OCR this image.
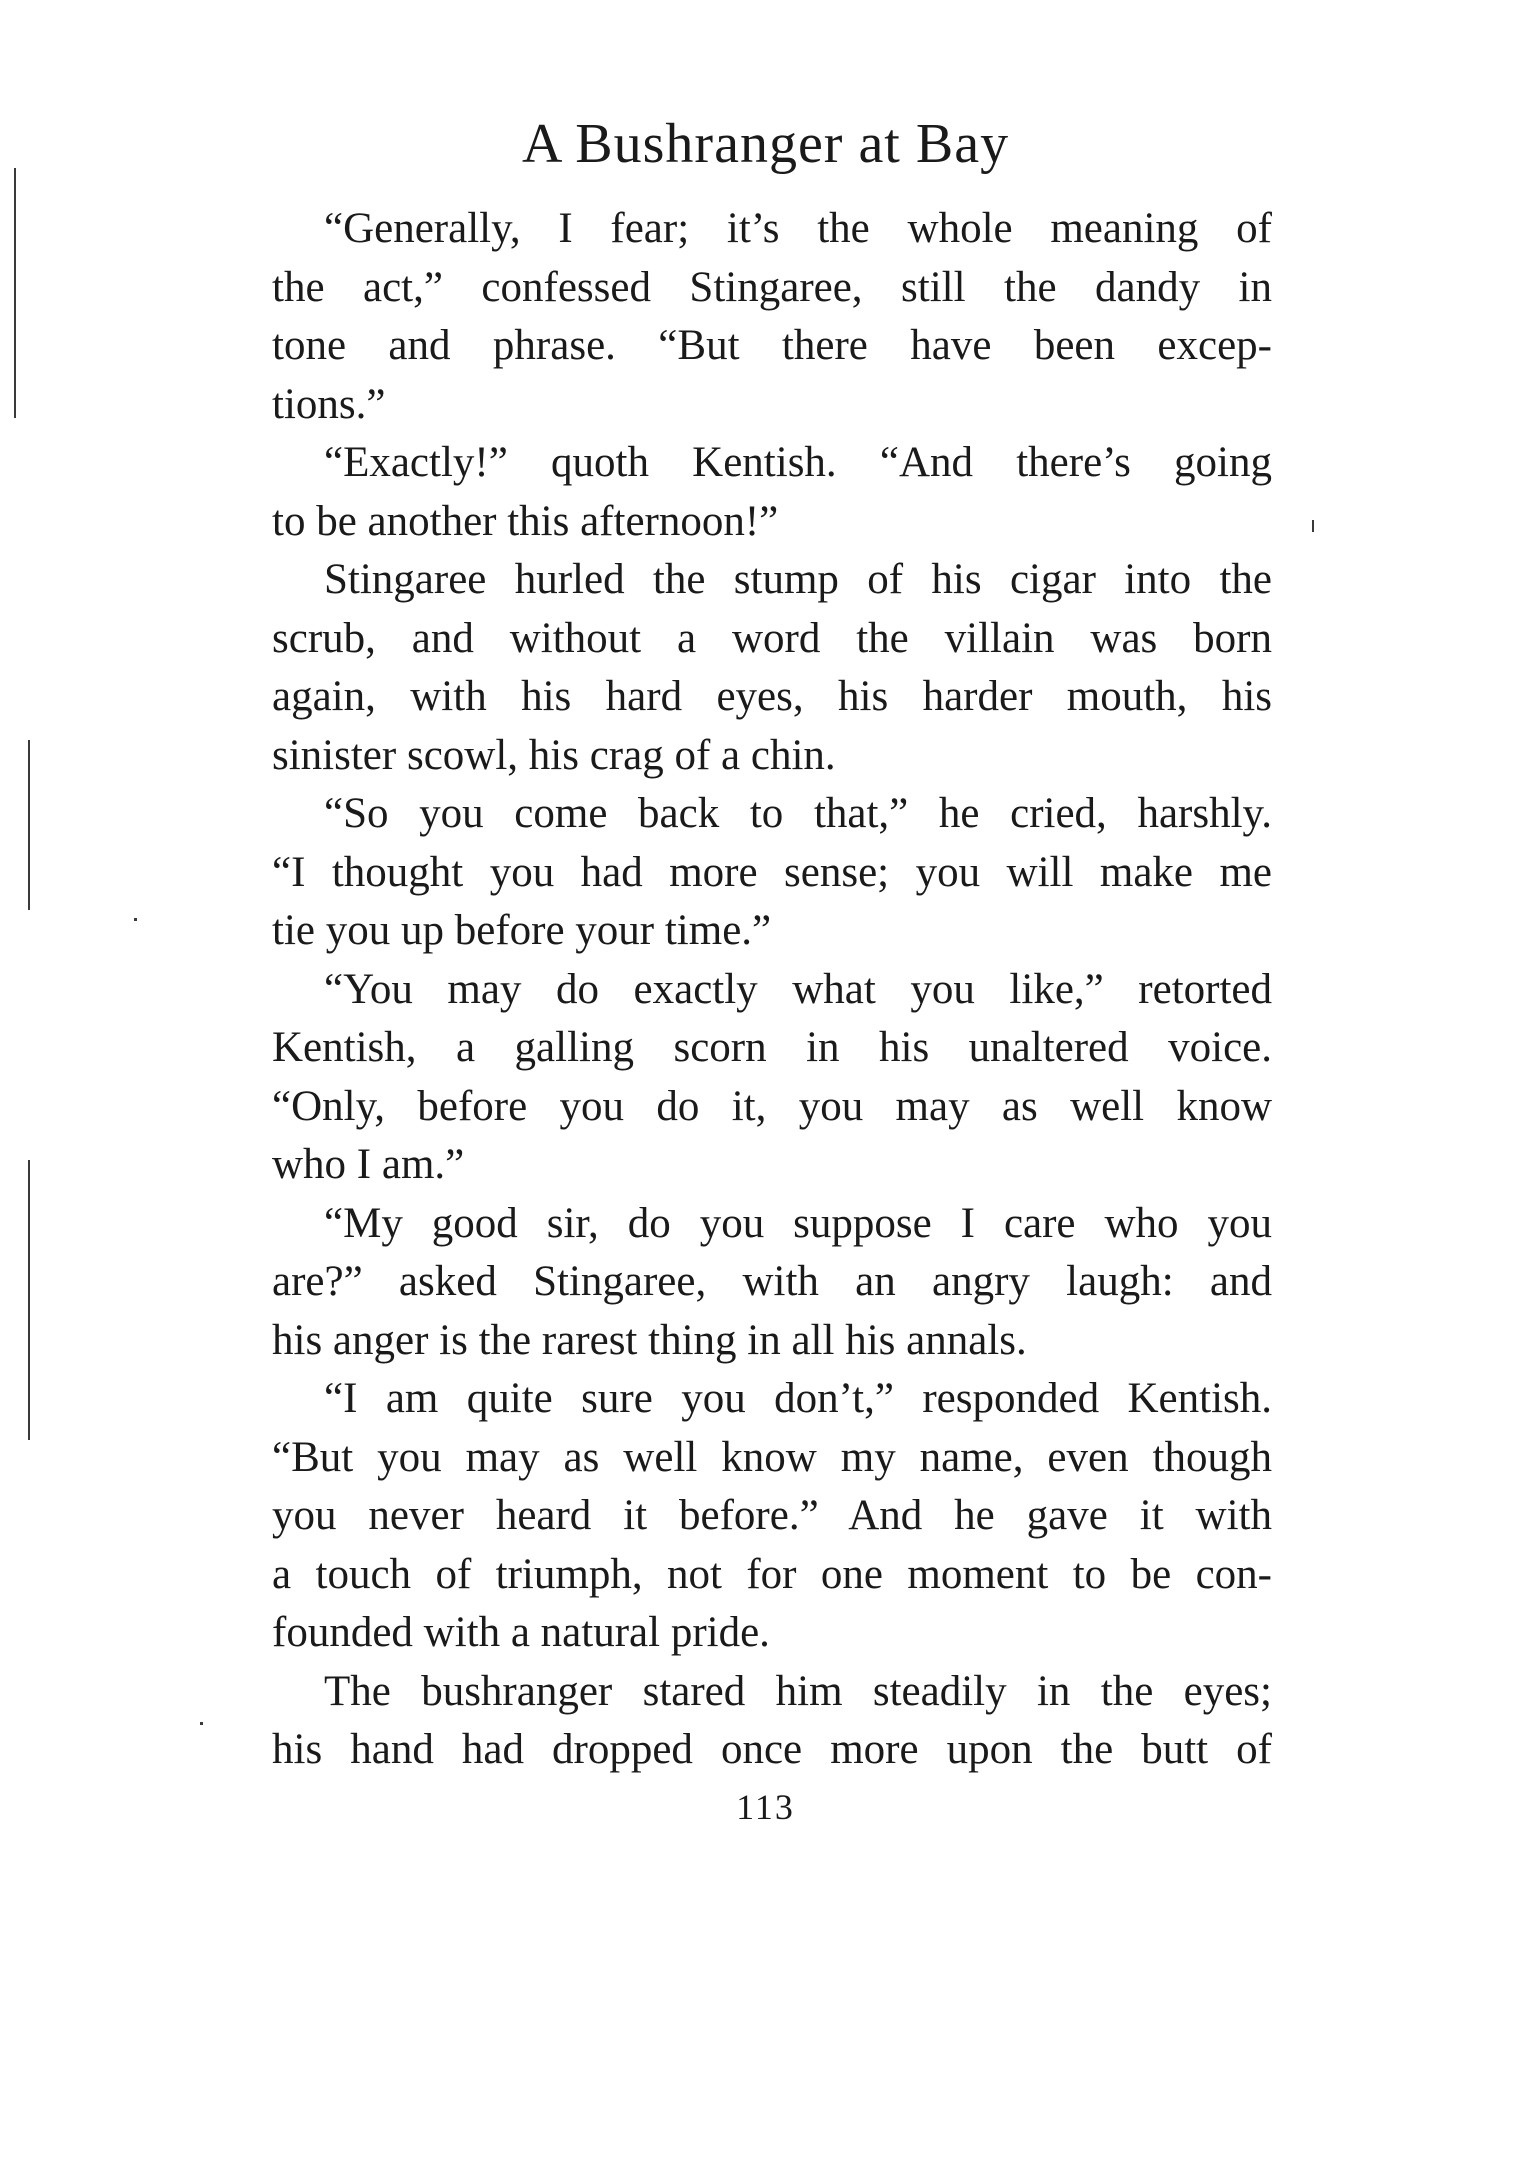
A Bushranger at Bay
“Generally, I fear; it’s the whole meaning of
the act,” confessed Stingaree, still the dandy in
tone and phrase. “But there have been excep-
tions.”
“Exactly!” quoth Kentish. “And there’s going
to be another this afternoon!”
Stingaree hurled the stump of his cigar into the
scrub, and without a word the villain was born
again, with his hard eyes, his harder mouth, his
sinister scowl, his crag of a chin.
“So you come back to that,” he cried, harshly.
“I thought you had more sense; you will make me
tie you up before your time.”
“You may do exactly what you like,” retorted
Kentish, a galling scorn in his unaltered voice.
“Only, before you do it, you may as well know
who I am.”
“My good sir, do you suppose I care who you
are?” asked Stingaree, with an angry laugh: and
his anger is the rarest thing in all his annals.
“I am quite sure you don’t,” responded Kentish.
“But you may as well know my name, even though
you never heard it before.” And he gave it with
a touch of triumph, not for one moment to be con-
founded with a natural pride.
The bushranger stared him steadily in the eyes;
his hand had dropped once more upon the butt of
113
